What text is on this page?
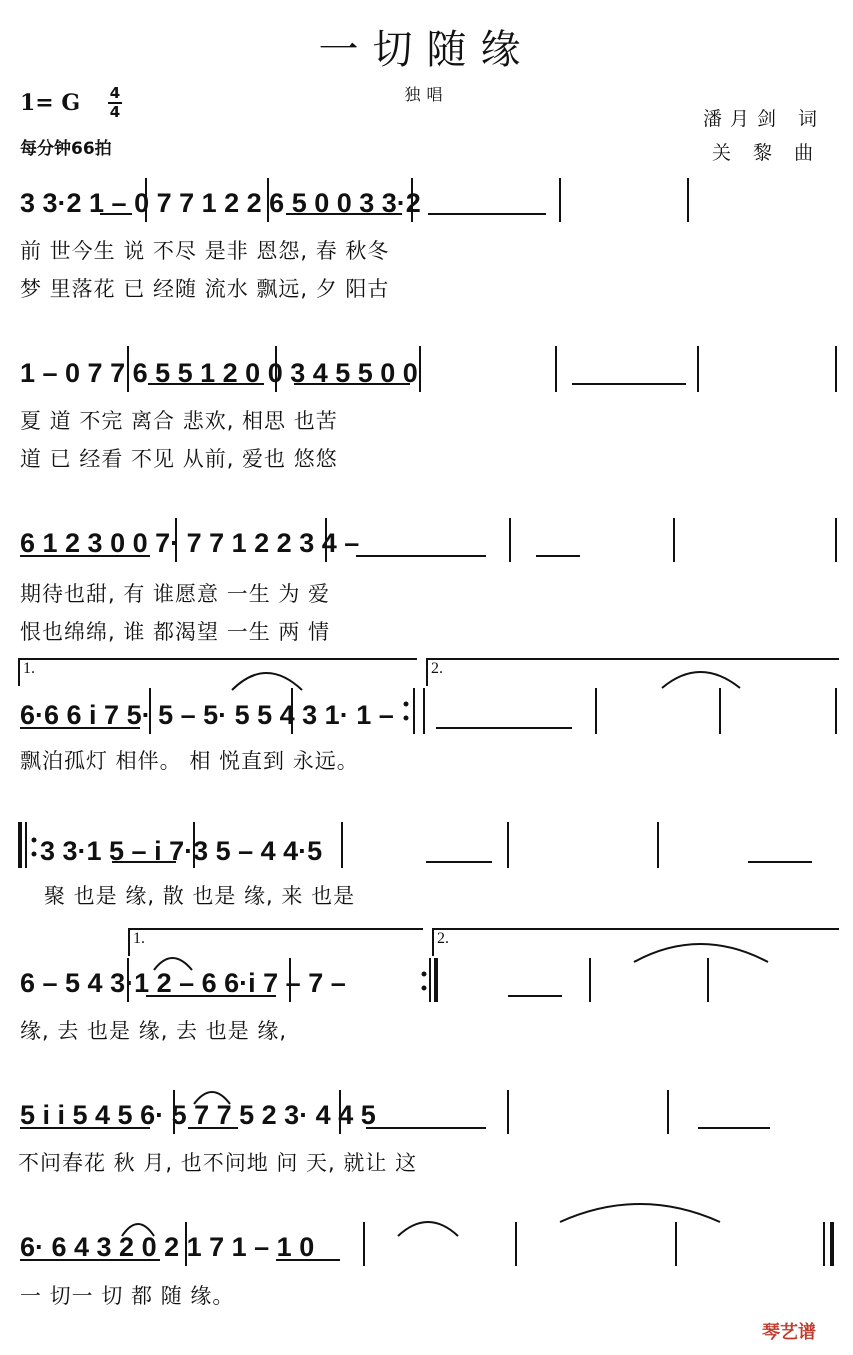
一切随缘
独唱
1= G 4
4
每分钟66拍
潘月剑 词
关 黎 曲
3 3·2 1 – 0 7 7 1 2 2 6 5 0 0 3 3·2
前 世今生 说 不尽 是非 恩怨, 春 秋冬
梦 里落花 已 经随 流水 飘远, 夕 阳古
1 – 0 7 7 6 5 5 1 2 0 0 3 4 5 5 0 0
夏 道 不完 离合 悲欢, 相思 也苦
道 已 经看 不见 从前, 爱也 悠悠
6 1 2 3 0 0 7· 7 7 1 2 2 3 4 –
期待也甜, 有 谁愿意 一生 为 爱
恨也绵绵, 谁 都渴望 一生 两 情
1.	2.
6·6 6 i 7 5· 5 – 5· 5 5 4 3 1· 1 –
飘泊孤灯 相伴。 相 悦直到 永远。
3 3·1 5 – i 7·3 5 – 4 4·5
聚 也是 缘, 散 也是 缘, 来 也是
1.	2.
6 – 5 4 3·1 2 – 6 6·i 7 – 7 –
缘, 去 也是 缘, 去 也是 缘,
5 i i 5 4 5 6· 5 7 7 5 2 3· 4 4 5
不问春花 秋 月, 也不问地 问 天, 就让 这
6· 6 4 3 2 0 2 1 7 1 – 1 0
一 切一 切 都 随 缘。
琴艺谱
